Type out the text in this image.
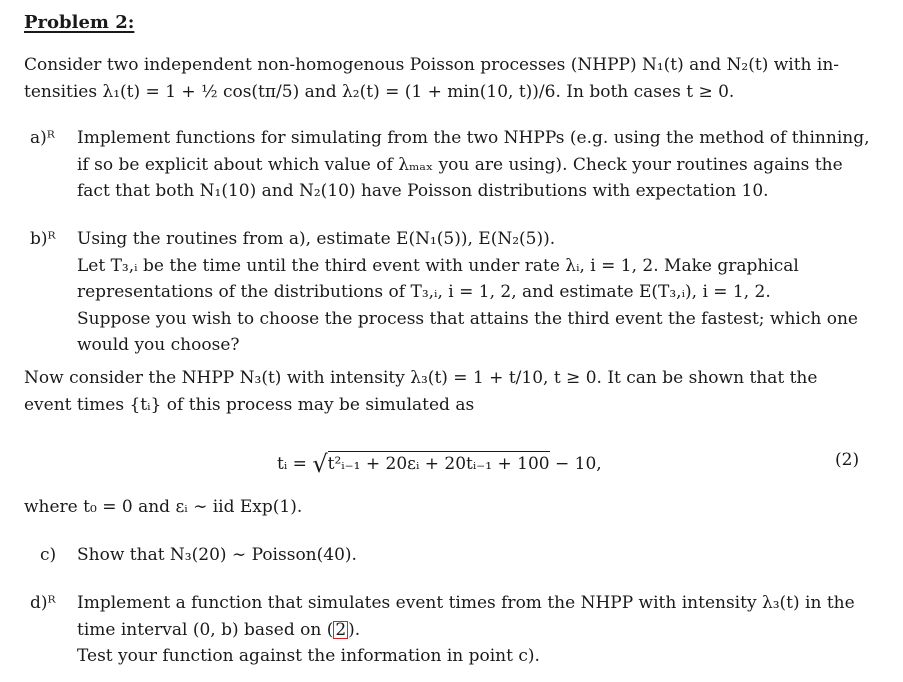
Problem 2:
Consider two independent non-homogenous Poisson processes (NHPP) N₁(t) and N₂(t) with in-
tensities λ₁(t) = 1 + ½ cos(tπ/5) and λ₂(t) = (1 + min(10, t))/6. In both cases t ≥ 0.
a)ᴿ Implement functions for simulating from the two NHPPs (e.g. using the method of thinning,
if so be explicit about which value of λₘₐₓ you are using). Check your routines agains the
fact that both N₁(10) and N₂(10) have Poisson distributions with expectation 10.
b)ᴿ Using the routines from a), estimate E(N₁(5)), E(N₂(5)).
Let T₃,ᵢ be the time until the third event with under rate λᵢ, i = 1, 2. Make graphical
representations of the distributions of T₃,ᵢ, i = 1, 2, and estimate E(T₃,ᵢ), i = 1, 2.
Suppose you wish to choose the process that attains the third event the fastest; which one
would you choose?
Now consider the NHPP N₃(t) with intensity λ₃(t) = 1 + t/10, t ≥ 0. It can be shown that the
event times {tᵢ} of this process may be simulated as
tᵢ = √t²ᵢ₋₁ + 20εᵢ + 20tᵢ₋₁ + 100 − 10,	(2)
where t₀ = 0 and εᵢ ∼ iid Exp(1).
c) Show that N₃(20) ∼ Poisson(40).
d)ᴿ Implement a function that simulates event times from the NHPP with intensity λ₃(t) in the
time interval (0, b) based on ( 2 ).
Test your function against the information in point c).
